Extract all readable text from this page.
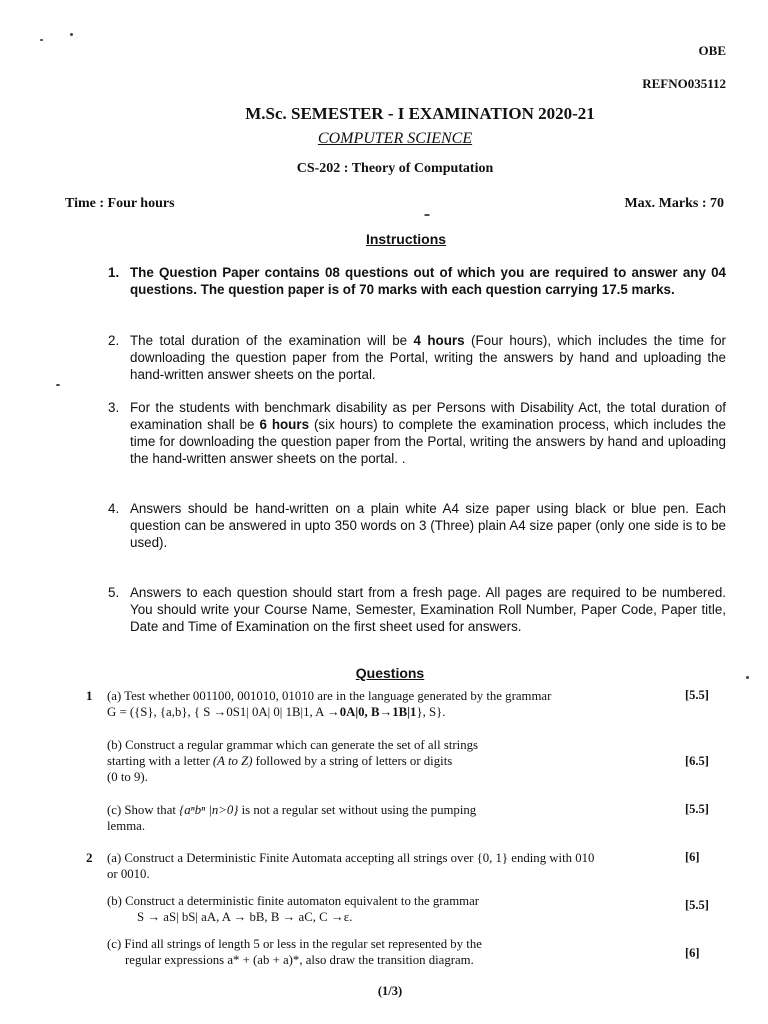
OBE
REFNO035112
M.Sc. SEMESTER - I EXAMINATION 2020-21
COMPUTER SCIENCE
CS-202 : Theory of Computation
Time : Four hours	Max. Marks : 70
Instructions
1. The Question Paper contains 08 questions out of which you are required to answer any 04 questions. The question paper is of 70 marks with each question carrying 17.5 marks.
2. The total duration of the examination will be 4 hours (Four hours), which includes the time for downloading the question paper from the Portal, writing the answers by hand and uploading the hand-written answer sheets on the portal.
3. For the students with benchmark disability as per Persons with Disability Act, the total duration of examination shall be 6 hours (six hours) to complete the examination process, which includes the time for downloading the question paper from the Portal, writing the answers by hand and uploading the hand-written answer sheets on the portal. .
4. Answers should be hand-written on a plain white A4 size paper using black or blue pen. Each question can be answered in upto 350 words on 3 (Three) plain A4 size paper (only one side is to be used).
5. Answers to each question should start from a fresh page. All pages are required to be numbered. You should write your Course Name, Semester, Examination Roll Number, Paper Code, Paper title, Date and Time of Examination on the first sheet used for answers.
Questions
1 (a) Test whether 001100, 001010, 01010 are in the language generated by the grammar
G = ({S}, {a,b}, { S →0S1| 0A| 0| 1B|1, A →0A|0, B→1B|1}, S}.
[5.5]
(b) Construct a regular grammar which can generate the set of all strings
starting with a letter (A to Z) followed by a string of letters or digits
(0 to 9).
[6.5]
(c) Show that {aⁿbⁿ |n>0} is not a regular set without using the pumping
lemma.
[5.5]
2 (a) Construct a Deterministic Finite Automata accepting all strings over {0, 1} ending with 010
or 0010.
[6]
(b) Construct a deterministic finite automaton equivalent to the grammar
S → aS| bS| aA, A → bB, B → aC, C →ε.
[5.5]
(c) Find all strings of length 5 or less in the regular set represented by the
regular expressions a* + (ab + a)*, also draw the transition diagram.	[6]
(1/3)
